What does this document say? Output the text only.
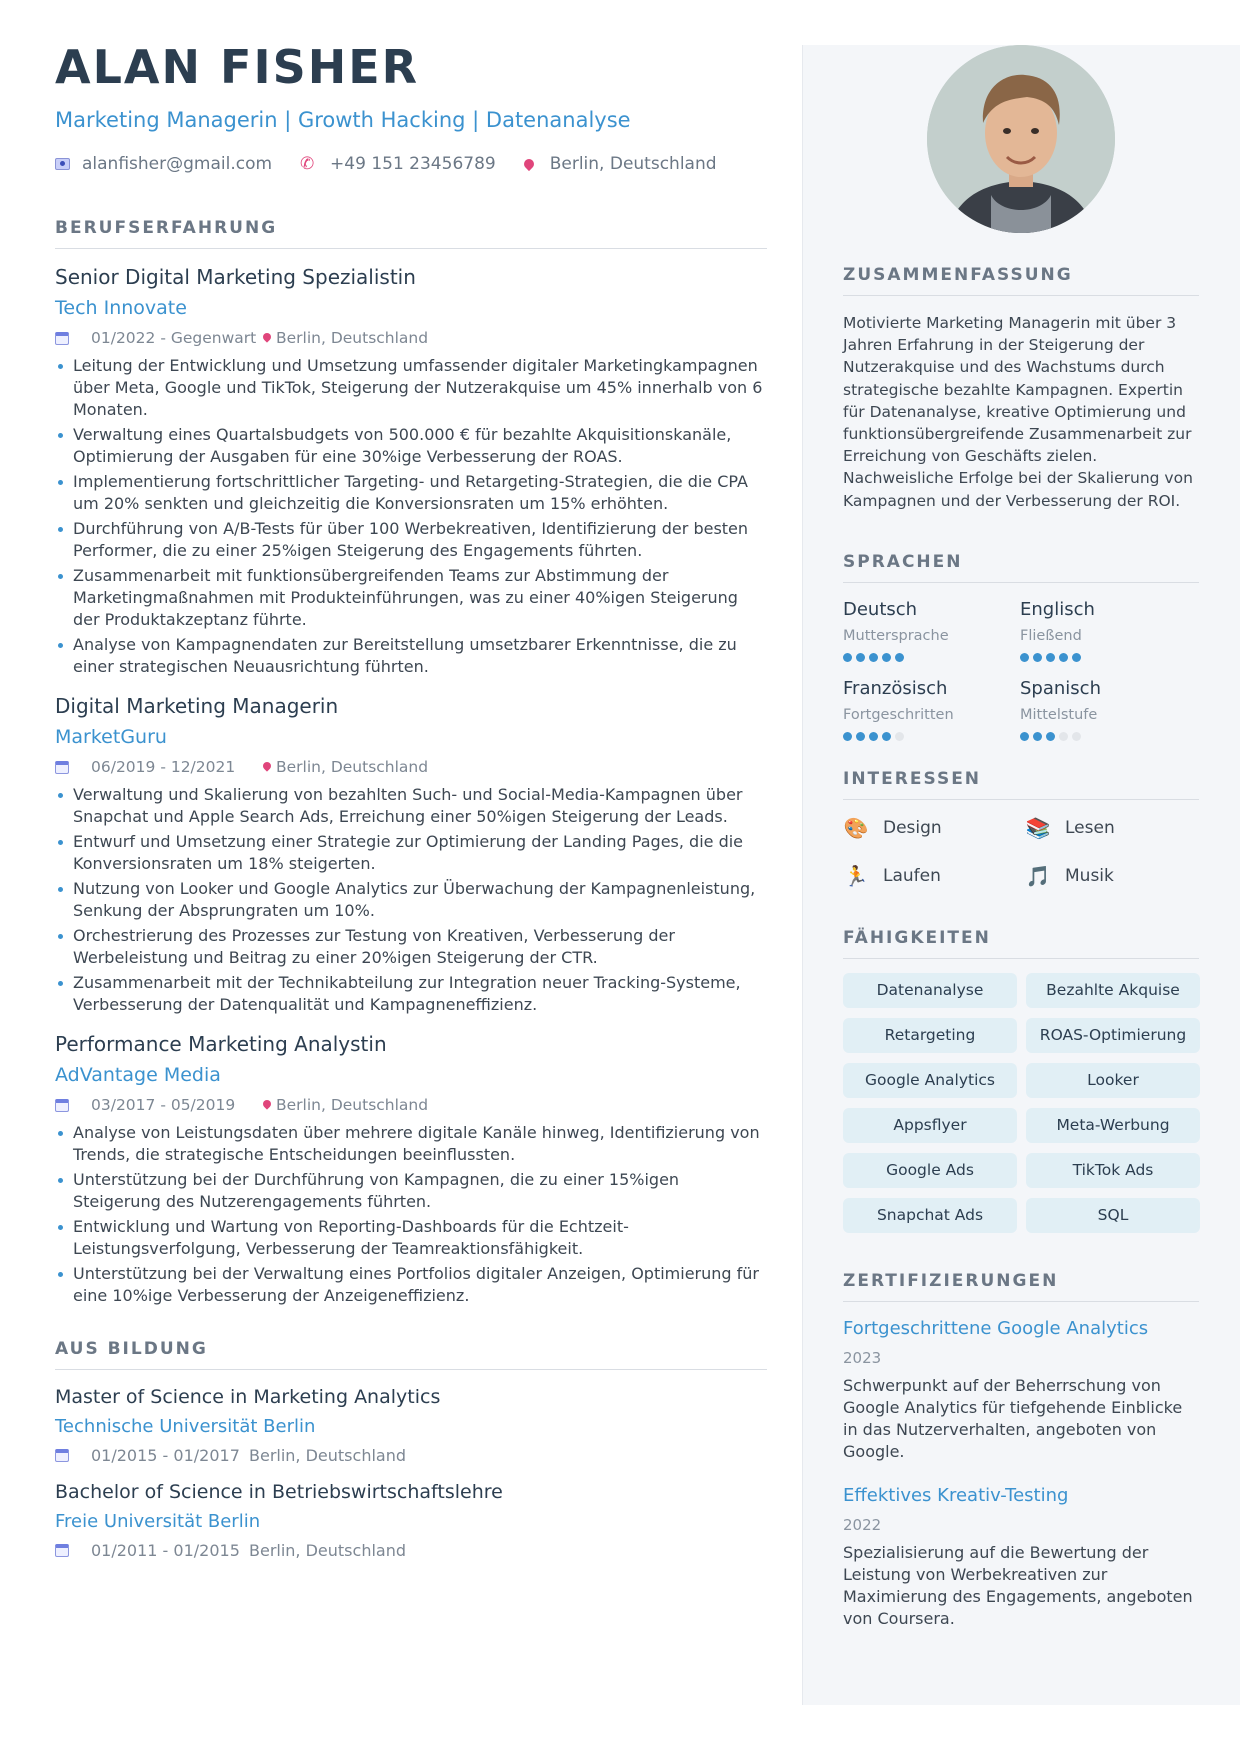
ALAN FISHER
Marketing Managerin | Growth Hacking | Datenanalyse
alanfisher@gmail.com ✆ +49 151 23456789	Berlin, Deutschland
BERUFSERFAHRUNG
Senior Digital Marketing Spezialistin
Tech Innovate
01/2022 - Gegenwart	Berlin, Deutschland
Leitung der Entwicklung und Umsetzung umfassender digitaler Marketingkampagnen über Meta, Google und TikTok, Steigerung der Nutzerakquise um 45% innerhalb von 6 Monaten.
Verwaltung eines Quartalsbudgets von 500.000 € für bezahlte Akquisitionskanäle, Optimierung der Ausgaben für eine 30%ige Verbesserung der ROAS.
Implementierung fortschrittlicher Targeting- und Retargeting-Strategien, die die CPA um 20% senkten und gleichzeitig die Konversionsraten um 15% erhöhten.
Durchführung von A/B-Tests für über 100 Werbekreativen, Identifizierung der besten Performer, die zu einer 25%igen Steigerung des Engagements führten.
Zusammenarbeit mit funktionsübergreifenden Teams zur Abstimmung der Marketingmaßnahmen mit Produkteinführungen, was zu einer 40%igen Steigerung der Produktakzeptanz führte.
Analyse von Kampagnendaten zur Bereitstellung umsetzbarer Erkenntnisse, die zu einer strategischen Neuausrichtung führten.
Digital Marketing Managerin
MarketGuru
06/2019 - 12/2021	Berlin, Deutschland
Verwaltung und Skalierung von bezahlten Such- und Social-Media-Kampagnen über Snapchat und Apple Search Ads, Erreichung einer 50%igen Steigerung der Leads.
Entwurf und Umsetzung einer Strategie zur Optimierung der Landing Pages, die die Konversionsraten um 18% steigerten.
Nutzung von Looker und Google Analytics zur Überwachung der Kampagnenleistung, Senkung der Absprungraten um 10%.
Orchestrierung des Prozesses zur Testung von Kreativen, Verbesserung der Werbeleistung und Beitrag zu einer 20%igen Steigerung der CTR.
Zusammenarbeit mit der Technikabteilung zur Integration neuer Tracking-Systeme, Verbesserung der Datenqualität und Kampagneneffizienz.
Performance Marketing Analystin
AdVantage Media
03/2017 - 05/2019	Berlin, Deutschland
Analyse von Leistungsdaten über mehrere digitale Kanäle hinweg, Identifizierung von Trends, die strategische Entscheidungen beeinflussten.
Unterstützung bei der Durchführung von Kampagnen, die zu einer 15%igen Steigerung des Nutzerengagements führten.
Entwicklung und Wartung von Reporting-Dashboards für die Echtzeit-Leistungsverfolgung, Verbesserung der Teamreaktionsfähigkeit.
Unterstützung bei der Verwaltung eines Portfolios digitaler Anzeigen, Optimierung für eine 10%ige Verbesserung der Anzeigeneffizienz.
AUS BILDUNG
Master of Science in Marketing Analytics
Technische Universität Berlin
01/2015 - 01/2017 Berlin, Deutschland
Bachelor of Science in Betriebswirtschaftslehre
Freie Universität Berlin
01/2011 - 01/2015 Berlin, Deutschland
ZUSAMMENFASSUNG
Motivierte Marketing Managerin mit über 3 Jahren Erfahrung in der Steigerung der Nutzerakquise und des Wachstums durch strategische bezahlte Kampagnen. Expertin für Datenanalyse, kreative Optimierung und funktionsübergreifende Zusammenarbeit zur Erreichung von Geschäfts zielen. Nachweisliche Erfolge bei der Skalierung von Kampagnen und der Verbesserung der ROI.
SPRACHEN
Deutsch
Muttersprache
Englisch
Fließend
Französisch
Fortgeschritten
Spanisch
Mittelstufe
INTERESSEN
🎨 Design	📚 Lesen
🏃 Laufen	🎵 Musik
FÄHIGKEITEN
Datenanalyse	Bezahlte Akquise
Retargeting	ROAS-Optimierung
Google Analytics	Looker
Appsflyer	Meta-Werbung
Google Ads	TikTok Ads
Snapchat Ads	SQL
ZERTIFIZIERUNGEN
Fortgeschrittene Google Analytics
2023
Schwerpunkt auf der Beherrschung von Google Analytics für tiefgehende Einblicke in das Nutzerverhalten, angeboten von Google.
Effektives Kreativ-Testing
2022
Spezialisierung auf die Bewertung der Leistung von Werbekreativen zur Maximierung des Engagements, angeboten von Coursera.
